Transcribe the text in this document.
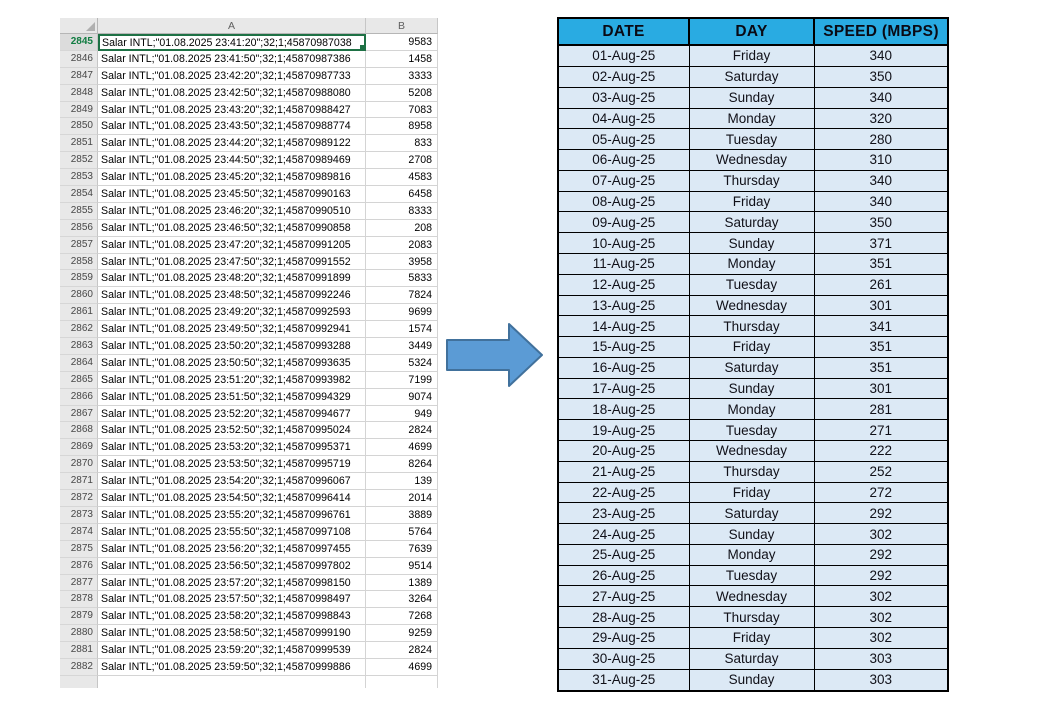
A	B
2845 Salar INTL;"01.08.2025 23:41:20";32;1;45870987038	9583
2846 Salar INTL;"01.08.2025 23:41:50";32;1;45870987386	1458
2847 Salar INTL;"01.08.2025 23:42:20";32;1;45870987733	3333
2848 Salar INTL;"01.08.2025 23:42:50";32;1;45870988080	5208
2849 Salar INTL;"01.08.2025 23:43:20";32;1;45870988427	7083
2850 Salar INTL;"01.08.2025 23:43:50";32;1;45870988774	8958
2851 Salar INTL;"01.08.2025 23:44:20";32;1;45870989122	833
2852 Salar INTL;"01.08.2025 23:44:50";32;1;45870989469	2708
2853 Salar INTL;"01.08.2025 23:45:20";32;1;45870989816	4583
2854 Salar INTL;"01.08.2025 23:45:50";32;1;45870990163	6458
2855 Salar INTL;"01.08.2025 23:46:20";32;1;45870990510	8333
2856 Salar INTL;"01.08.2025 23:46:50";32;1;45870990858	208
2857 Salar INTL;"01.08.2025 23:47:20";32;1;45870991205	2083
2858 Salar INTL;"01.08.2025 23:47:50";32;1;45870991552	3958
2859 Salar INTL;"01.08.2025 23:48:20";32;1;45870991899	5833
2860 Salar INTL;"01.08.2025 23:48:50";32;1;45870992246	7824
2861 Salar INTL;"01.08.2025 23:49:20";32;1;45870992593	9699
2862 Salar INTL;"01.08.2025 23:49:50";32;1;45870992941	1574
2863 Salar INTL;"01.08.2025 23:50:20";32;1;45870993288	3449
2864 Salar INTL;"01.08.2025 23:50:50";32;1;45870993635	5324
2865 Salar INTL;"01.08.2025 23:51:20";32;1;45870993982	7199
2866 Salar INTL;"01.08.2025 23:51:50";32;1;45870994329	9074
2867 Salar INTL;"01.08.2025 23:52:20";32;1;45870994677	949
2868 Salar INTL;"01.08.2025 23:52:50";32;1;45870995024	2824
2869 Salar INTL;"01.08.2025 23:53:20";32;1;45870995371	4699
2870 Salar INTL;"01.08.2025 23:53:50";32;1;45870995719	8264
2871 Salar INTL;"01.08.2025 23:54:20";32;1;45870996067	139
2872 Salar INTL;"01.08.2025 23:54:50";32;1;45870996414	2014
2873 Salar INTL;"01.08.2025 23:55:20";32;1;45870996761	3889
2874 Salar INTL;"01.08.2025 23:55:50";32;1;45870997108	5764
2875 Salar INTL;"01.08.2025 23:56:20";32;1;45870997455	7639
2876 Salar INTL;"01.08.2025 23:56:50";32;1;45870997802	9514
2877 Salar INTL;"01.08.2025 23:57:20";32;1;45870998150	1389
2878 Salar INTL;"01.08.2025 23:57:50";32;1;45870998497	3264
2879 Salar INTL;"01.08.2025 23:58:20";32;1;45870998843	7268
2880 Salar INTL;"01.08.2025 23:58:50";32;1;45870999190	9259
2881 Salar INTL;"01.08.2025 23:59:20";32;1;45870999539	2824
2882 Salar INTL;"01.08.2025 23:59:50";32;1;45870999886	4699
DATE	DAY	SPEED (MBPS)
01-Aug-25	Friday	340
02-Aug-25	Saturday	350
03-Aug-25	Sunday	340
04-Aug-25	Monday	320
05-Aug-25	Tuesday	280
06-Aug-25	Wednesday	310
07-Aug-25	Thursday	340
08-Aug-25	Friday	340
09-Aug-25	Saturday	350
10-Aug-25	Sunday	371
11-Aug-25	Monday	351
12-Aug-25	Tuesday	261
13-Aug-25	Wednesday	301
14-Aug-25	Thursday	341
15-Aug-25	Friday	351
16-Aug-25	Saturday	351
17-Aug-25	Sunday	301
18-Aug-25	Monday	281
19-Aug-25	Tuesday	271
20-Aug-25	Wednesday	222
21-Aug-25	Thursday	252
22-Aug-25	Friday	272
23-Aug-25	Saturday	292
24-Aug-25	Sunday	302
25-Aug-25	Monday	292
26-Aug-25	Tuesday	292
27-Aug-25	Wednesday	302
28-Aug-25	Thursday	302
29-Aug-25	Friday	302
30-Aug-25	Saturday	303
31-Aug-25	Sunday	303
